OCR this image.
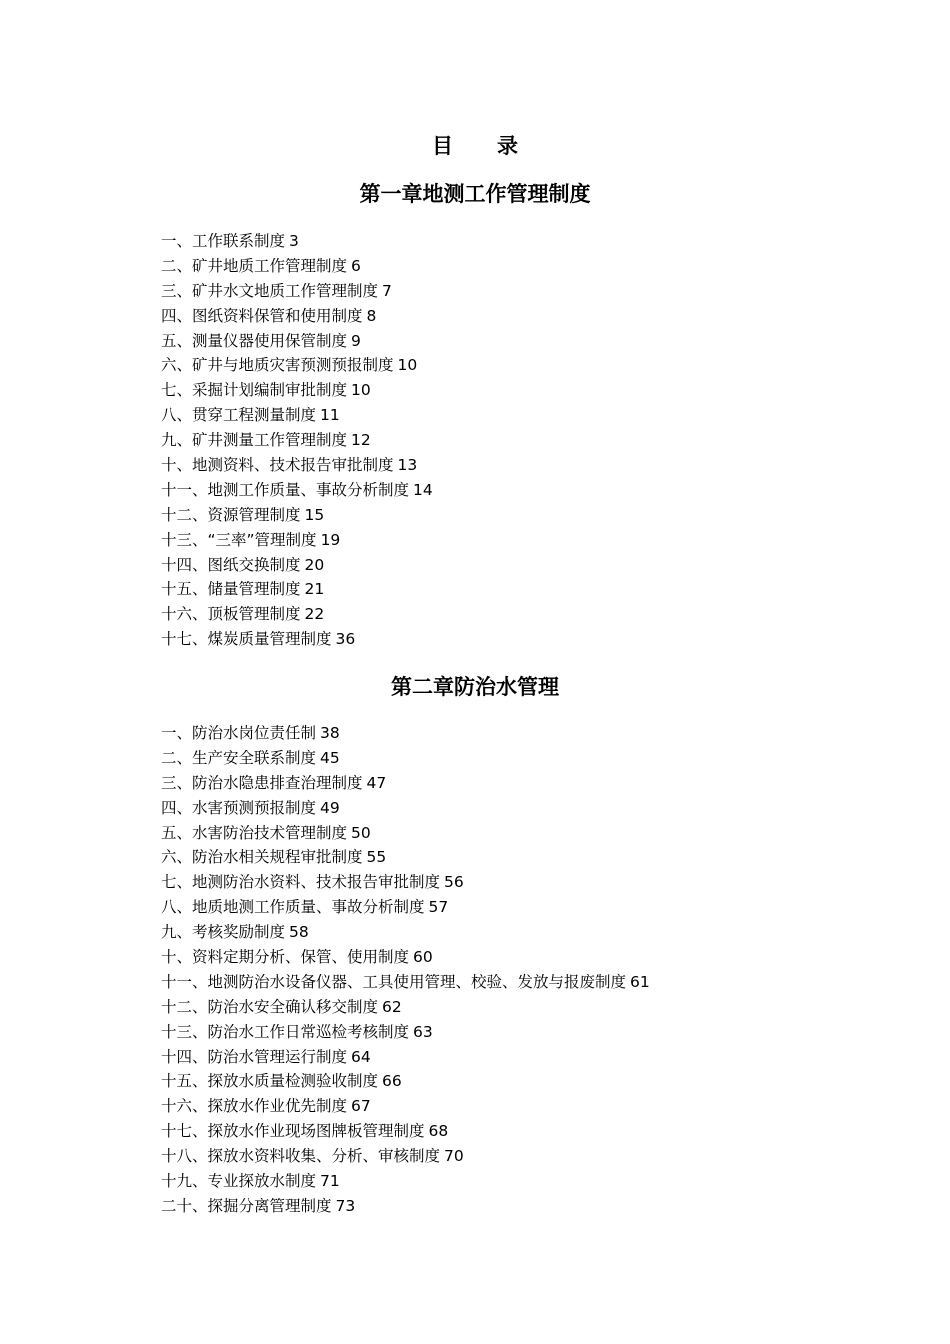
目 录
第一章地测工作管理制度
一、工作联系制度 3
二、矿井地质工作管理制度 6
三、矿井水文地质工作管理制度 7
四、图纸资料保管和使用制度 8
五、测量仪器使用保管制度 9
六、矿井与地质灾害预测预报制度 10
七、采掘计划编制审批制度 10
八、贯穿工程测量制度 11
九、矿井测量工作管理制度 12
十、地测资料、技术报告审批制度 13
十一、地测工作质量、事故分析制度 14
十二、资源管理制度 15
十三、“三率”管理制度 19
十四、图纸交换制度 20
十五、储量管理制度 21
十六、顶板管理制度 22
十七、煤炭质量管理制度 36
第二章防治水管理
一、防治水岗位责任制 38
二、生产安全联系制度 45
三、防治水隐患排查治理制度 47
四、水害预测预报制度 49
五、水害防治技术管理制度 50
六、防治水相关规程审批制度 55
七、地测防治水资料、技术报告审批制度 56
八、地质地测工作质量、事故分析制度 57
九、考核奖励制度 58
十、资料定期分析、保管、使用制度 60
十一、地测防治水设备仪器、工具使用管理、校验、发放与报废制度 61
十二、防治水安全确认移交制度 62
十三、防治水工作日常巡检考核制度 63
十四、防治水管理运行制度 64
十五、探放水质量检测验收制度 66
十六、探放水作业优先制度 67
十七、探放水作业现场图牌板管理制度 68
十八、探放水资料收集、分析、审核制度 70
十九、专业探放水制度 71
二十、探掘分离管理制度 73
